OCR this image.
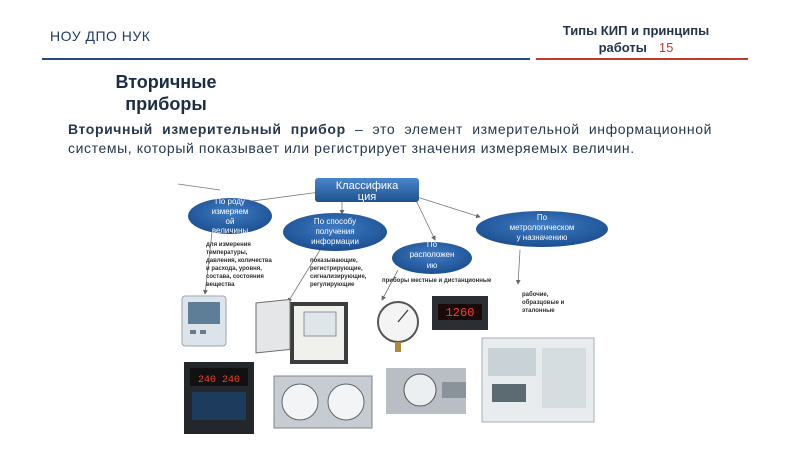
НОУ ДПО НУК	Типы КИП и принципы
работы 15
Вторичные
приборы
Вторичный измерительный прибор – это элемент измерительной информационной системы, который показывает или регистрирует значения измеряемых величин.
Классифика
ция
По роду
измеряем
ой
величины
По способу
получения
информации	По
расположен
ию
По
метрологическом
у назначению
для измерения
температуры,
давления, количества
и расхода, уровня,
состава, состояния
вещества
показывающие,
регистрирующие,
сигнализирующие,
регулирующие
приборы местные и дистанционные
рабочие,
образцовые и
эталонные
1260
240 240
